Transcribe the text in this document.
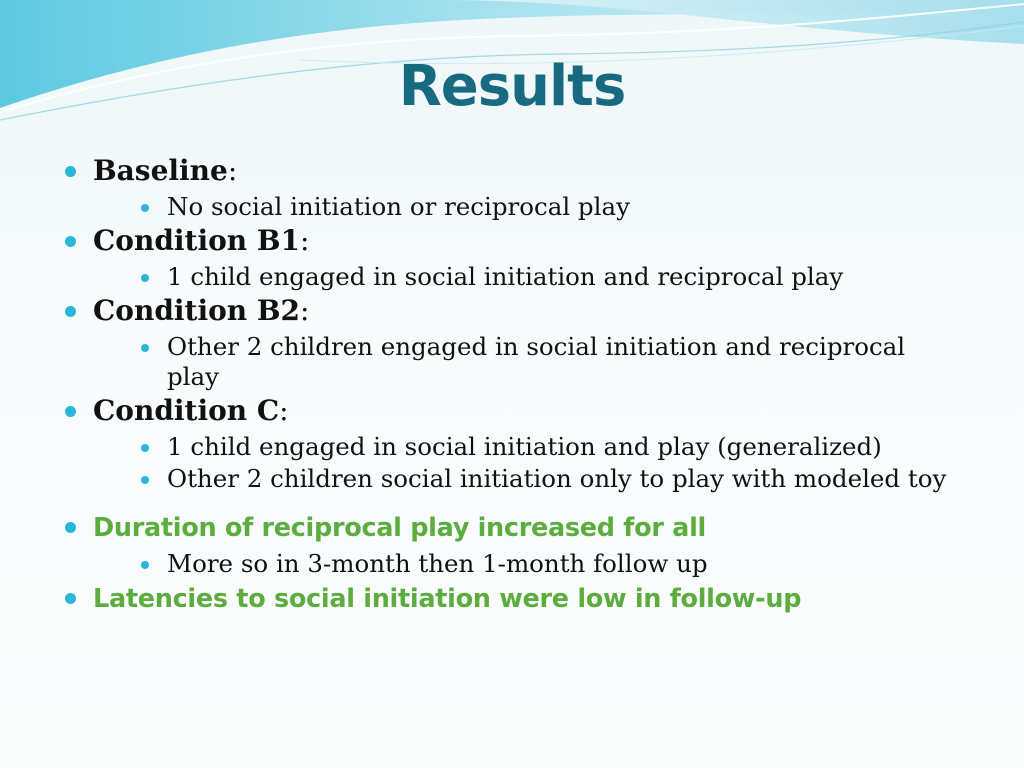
Results
Baseline:
No social initiation or reciprocal play
Condition B1:
1 child engaged in social initiation and reciprocal play
Condition B2:
Other 2 children engaged in social initiation and reciprocal play
Condition C:
1 child engaged in social initiation and play (generalized)
Other 2 children social initiation only to play with modeled toy
Duration of reciprocal play increased for all
More so in 3-month then 1-month follow up
Latencies to social initiation were low in follow-up
